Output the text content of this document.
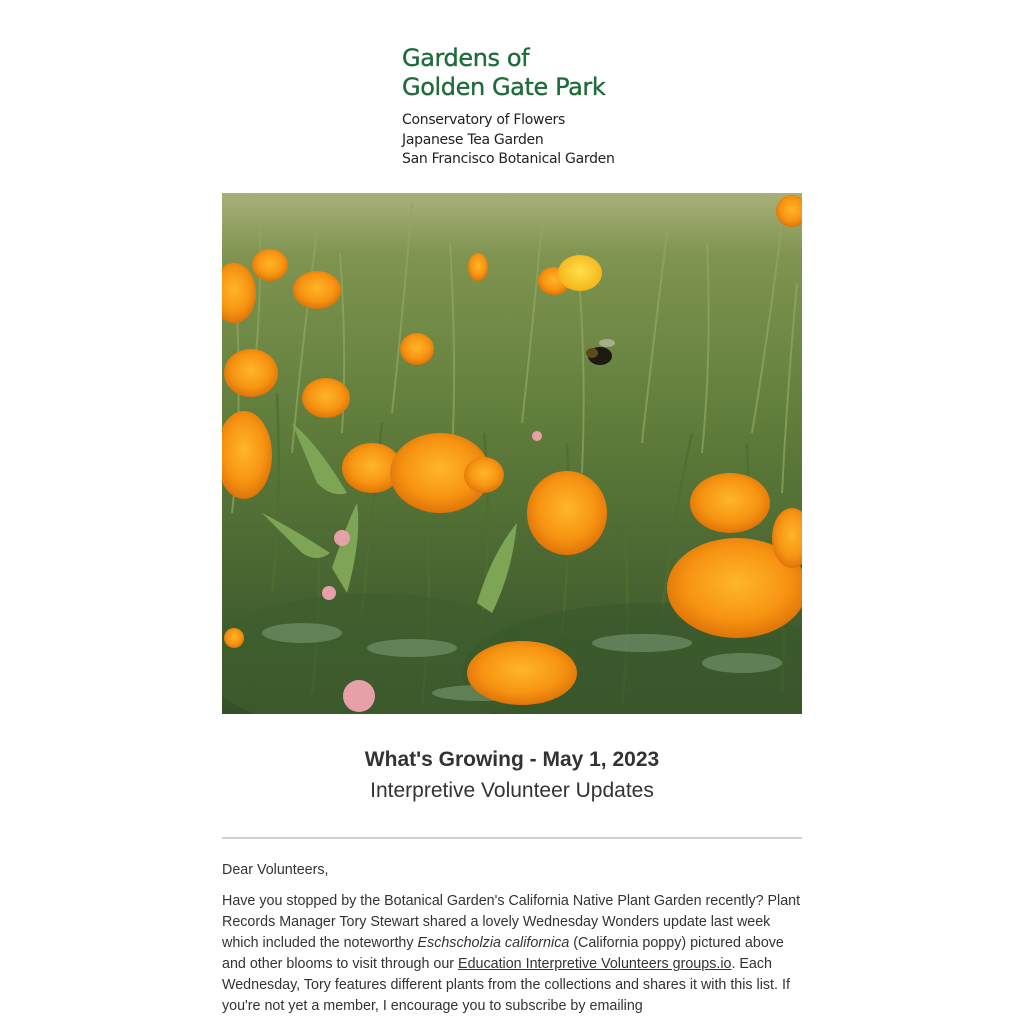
Gardens of
Golden Gate Park
Conservatory of Flowers
Japanese Tea Garden
San Francisco Botanical Garden
What's Growing - May 1, 2023
Interpretive Volunteer Updates

Dear Volunteers,

Have you stopped by the Botanical Garden's California Native Plant Garden recently? Plant Records Manager Tory Stewart shared a lovely Wednesday Wonders update last week which included the noteworthy Eschscholzia californica (California poppy) pictured above and other blooms to visit through our Education Interpretive Volunteers groups.io. Each Wednesday, Tory features different plants from the collections and shares it with this list. If you're not yet a member, I encourage you to subscribe by emailing
